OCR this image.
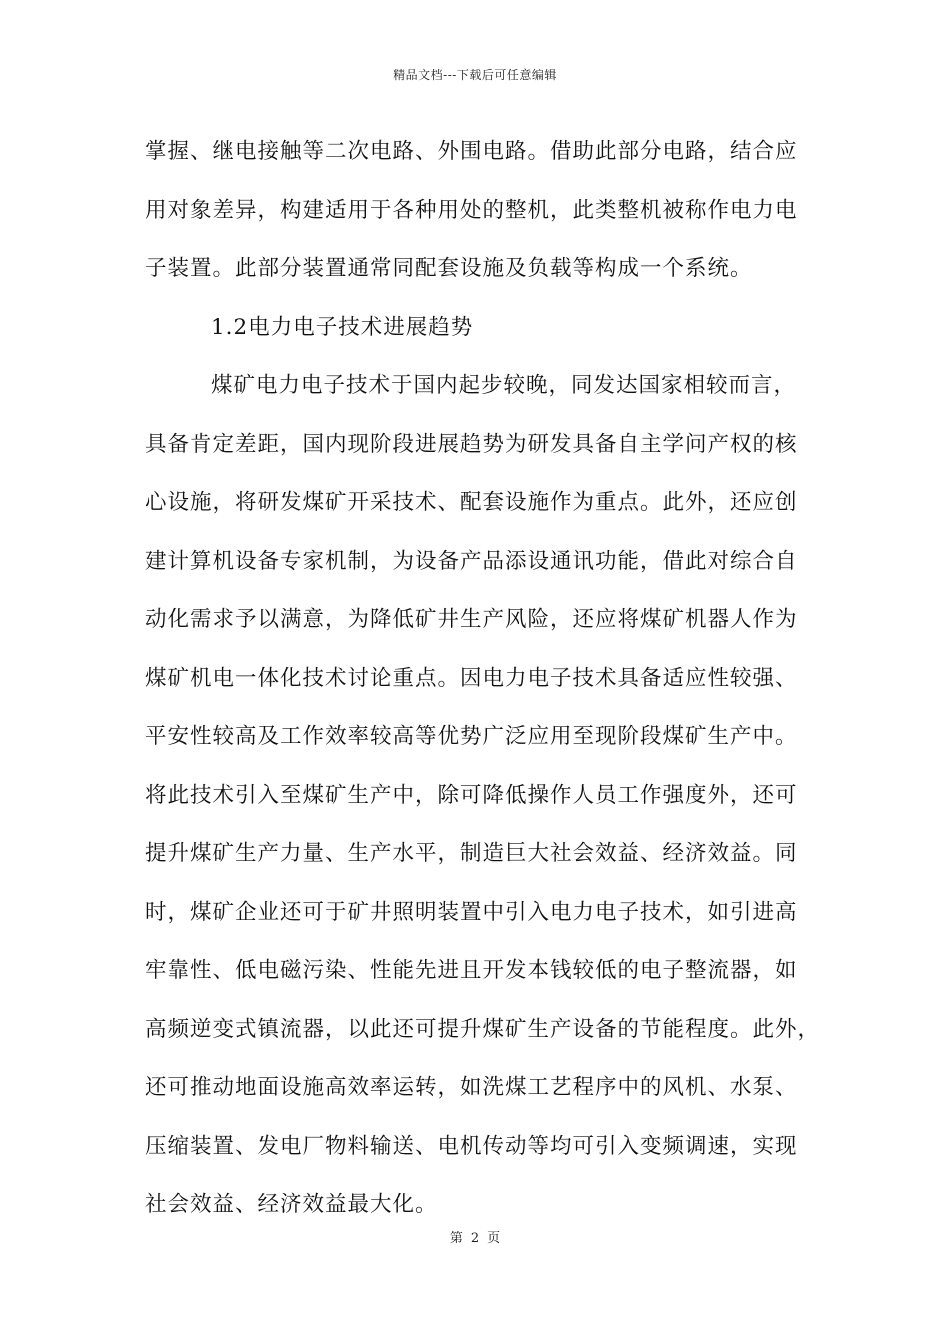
精品文档---下载后可任意编辑
掌握、继电接触等二次电路、外围电路。借助此部分电路，结合应
用对象差异，构建适用于各种用处的整机，此类整机被称作电力电
子装置。此部分装置通常同配套设施及负载等构成一个系统。
1.2电力电子技术进展趋势
煤矿电力电子技术于国内起步较晚，同发达国家相较而言，
具备肯定差距，国内现阶段进展趋势为研发具备自主学问产权的核
心设施，将研发煤矿开采技术、配套设施作为重点。此外，还应创
建计算机设备专家机制，为设备产品添设通讯功能，借此对综合自
动化需求予以满意，为降低矿井生产风险，还应将煤矿机器人作为
煤矿机电一体化技术讨论重点。因电力电子技术具备适应性较强、
平安性较高及工作效率较高等优势广泛应用至现阶段煤矿生产中。
将此技术引入至煤矿生产中，除可降低操作人员工作强度外，还可
提升煤矿生产力量、生产水平，制造巨大社会效益、经济效益。同
时，煤矿企业还可于矿井照明装置中引入电力电子技术，如引进高
牢靠性、低电磁污染、性能先进且开发本钱较低的电子整流器，如
高频逆变式镇流器，以此还可提升煤矿生产设备的节能程度。此外，
还可推动地面设施高效率运转，如洗煤工艺程序中的风机、水泵、
压缩装置、发电厂物料输送、电机传动等均可引入变频调速，实现
社会效益、经济效益最大化。
第 2 页
